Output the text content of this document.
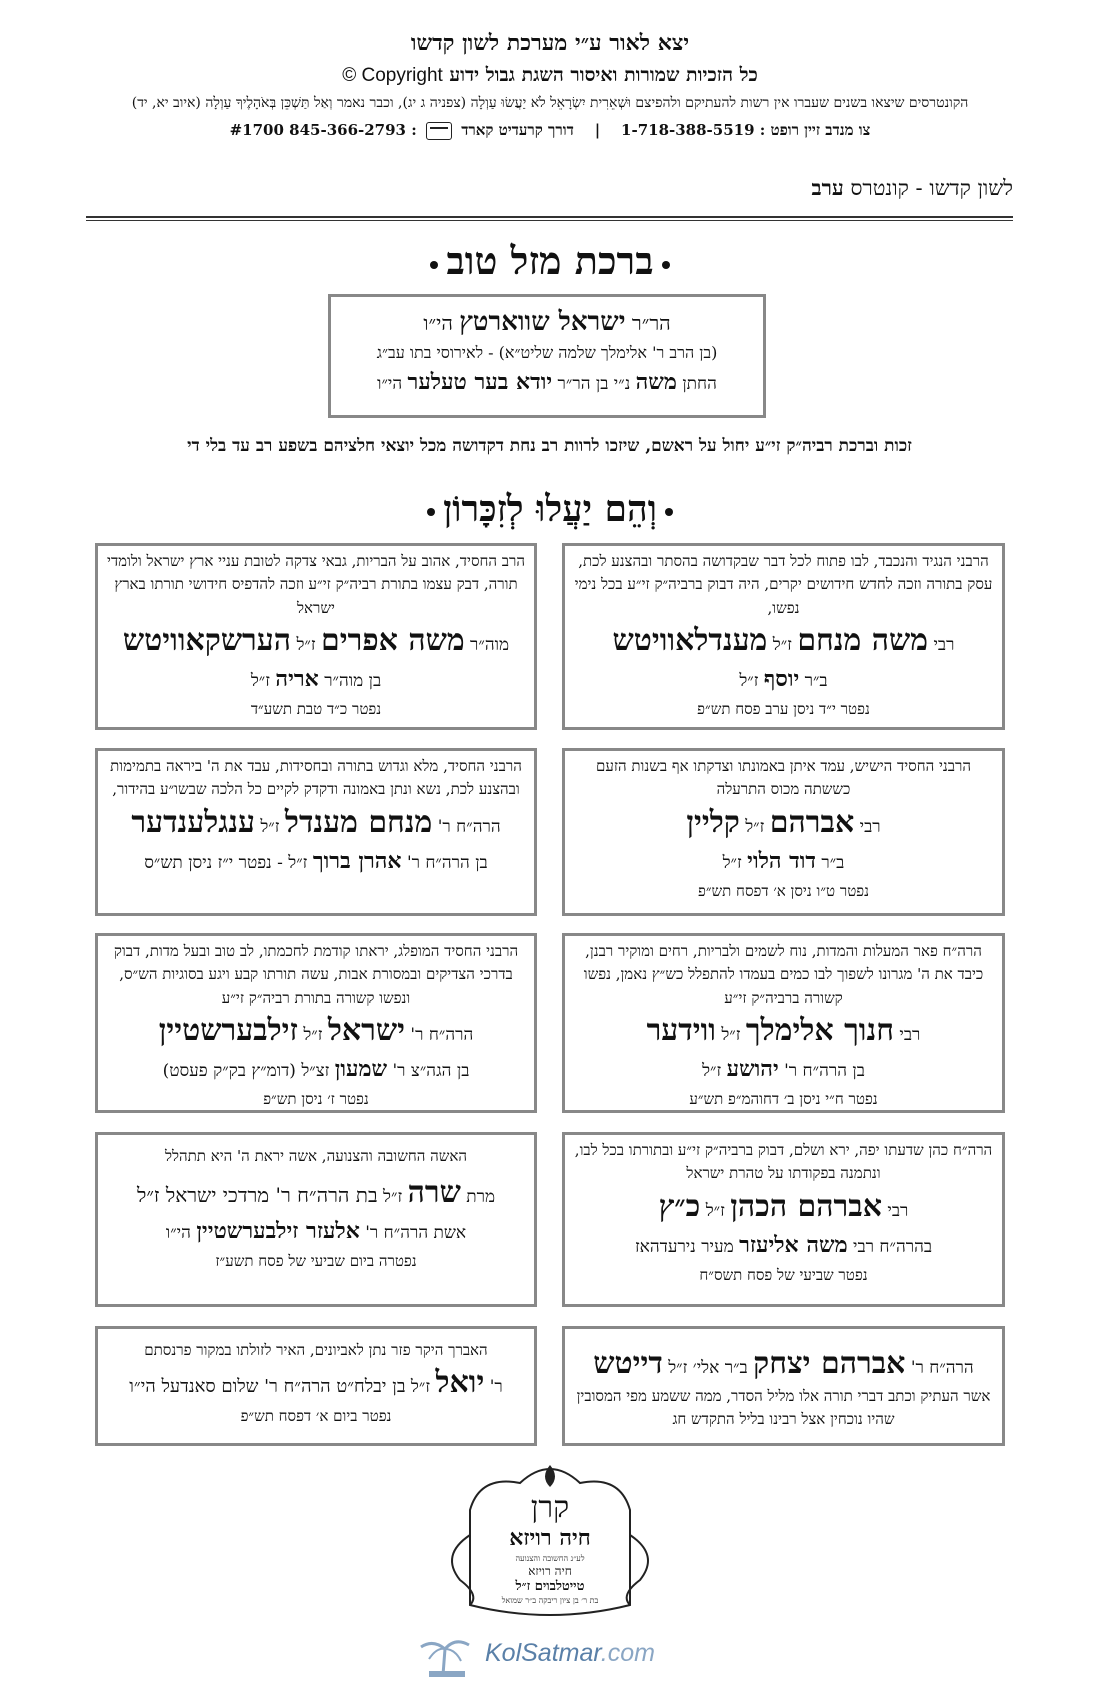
יצא לאור ע״י מערכת לשון קדשו
כל הזכיות שמורות ואיסור השגת גבול ידוע Copyright ©
הקונטרסים שיצאו בשנים שעברו אין רשות להעתיקם ולהפיצם וּשְׁאֵרִית יִשְׂרָאֵל לֹא יַעֲשׂוּ עַוְלָה (צפניה ג יג), וכבר נאמר וְאַל תַּשְׁכֵּן בְּאֹהָלֶיךָ עַוְלָה (איוב יא, יד)
צו מנדב זיין רופט : 1-718-388-5519    |    דורך קרעדיט קארד  : 845-366-2793 #1700
לשון קדשו - קונטרס ערב
ברכת מזל טוב
הר״ר ישראל שווארטץ הי״ו
(בן הרב ר' אלימלך שלמה שליט״א) - לאירוסי בתו עב״ג
החתן משה נ״י בן הר״ר יודא בער טעלער הי״ו
זכות וברכת רביה״ק זי״ע יחול על ראשם, שיזכו לרוות רב נחת דקדושה מכל יוצאי חלציהם בשפע רב עד בלי די
וְהֵם יַעֲלוּ לְזִכָּרוֹן
הרבני הנגיד והנכבד, לבו פתוח לכל דבר שבקדושה בהסתר ובהצנע לכת, עסק בתורה וזכה לחדש חידושים יקרים, היה דבוק ברביה״ק זי״ע בכל נימי נפשו,
רבי משה מנחם ז״ל מענדלאוויטש
ב״ר יוסף ז״ל
נפטר י״ד ניסן ערב פסח תש״פ
הרב החסיד, אהוב על הבריות, גבאי צדקה לטובת עניי ארץ ישראל ולומדי תורה, דבק עצמו בתורת רביה״ק זי״ע וזכה להדפיס חידושי תורתו בארץ ישראל
מוה״ר משה אפרים ז״ל הערשקאוויטש
בן מוה״ר אריה ז״ל
נפטר כ״ד טבת תשע״ד
הרבני החסיד הישיש, עמד איתן באמונתו וצדקתו אף בשנות הזעם כששתה מכוס התרעלה
רבי אברהם ז״ל קליין
ב״ר דוד הלוי ז״ל
נפטר ט״ו ניסן א׳ דפסח תש״פ
הרבני החסיד, מלא וגדוש בתורה ובחסידות, עבד את ה' ביראה בתמימות ובהצנע לכת, נשא ונתן באמונה ודקדק לקיים כל הלכה שבשו״ע בהידור,
הרה״ח ר' מנחם מענדל ז״ל ענגלענדער
בן הרה״ח ר' אהרן ברוך ז״ל - נפטר י״ז ניסן תש״ס
הרה״ח פאר המעלות והמדות, נוח לשמים ולבריות, רחים ומוקיר רבנן, כיבד את ה' מגרונו לשפוך לבו כמים בעמדו להתפלל כש״ץ נאמן, נפשו קשורה ברביה״ק זי״ע
רבי חנוך אלימלך ז״ל ווידער
בן הרה״ח ר' יהושע ז״ל
נפטר ח״י ניסן ב׳ דחוהמ״פ תש״ע
הרבני החסיד המופלג, יראתו קודמת לחכמתו, לב טוב ובעל מדות, דבוק בדרכי הצדיקים ובמסורת אבות, עשה תורתו קבע ויגע בסוגיות הש״ס, ונפשו קשורה בתורת רביה״ק זי״ע
הרה״ח ר' ישראל ז״ל זילבערשטיין
בן הגה״צ ר' שמעון זצ״ל (דומ״ץ בק״ק פעסט)
נפטר ז׳ ניסן תש״פ
הרה״ח כהן שדעתו יפה, ירא ושלם, דבוק ברביה״ק זי״ע ובתורתו בכל לבו, ונתמנה בפקודתו על טהרת ישראל
רבי אברהם הכהן ז״ל כ״ץ
בהרה״ח רבי משה אליעזר מעיר נירעדהאז
נפטר שביעי של פסח תשס״ח
האשה החשובה והצנועה, אשה יראת ה' היא תתהלל
מרת שרה ז״ל בת הרה״ח ר' מרדכי ישראל ז״ל
אשת הרה״ח ר' אלעזר זילבערשטיין הי״ו
נפטרה ביום שביעי של פסח תשע״ז
הרה״ח ר' אברהם יצחק ב״ר אלי׳ ז״ל דייטש
אשר העתיק וכתב דברי תורה אלו מליל הסדר, ממה ששמע מפי המסובין שהיו נוכחין אצל רבינו בליל התקדש חג
האברך היקר פזר נתן לאביונים, האיר לזולתו במקור פרנסתם
ר' יואל ז״ל בן יבלח״ט הרה״ח ר' שלום סאנדעל הי״ו
נפטר ביום א׳ דפסח תש״פ
קרן
חיה רויזא
לע״נ החשובה והצנועה
חיה רויזא
טייטלבוים ז״ל
בת ר׳ בן ציון ריבקה ב״ר שמואל
KolSatmar.com
